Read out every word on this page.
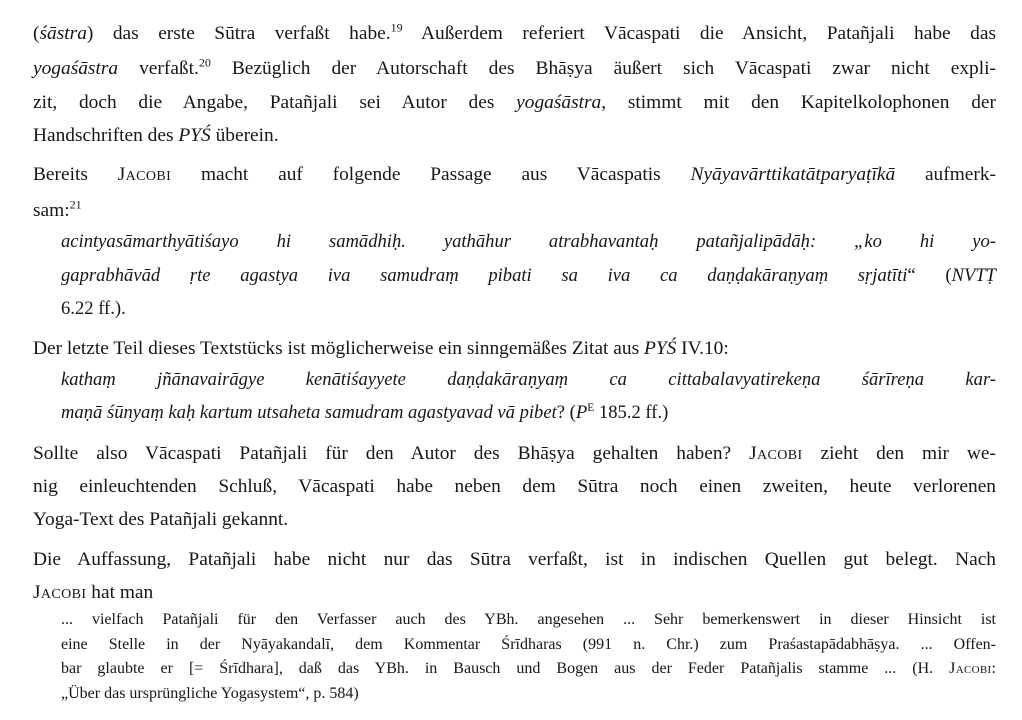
(śāstra) das erste Sūtra verfaßt habe.$^{19}$ Außerdem referiert Vācaspati die Ansicht, Patañjali habe das
yogaśāstra verfaßt.$^{20}$ Bezüglich der Autorschaft des Bhāṣya äußert sich Vācaspati zwar nicht expli-
zit, doch die Angabe, Patañjali sei Autor des yogaśāstra, stimmt mit den Kapitelkolophonen der
Handschriften des PYŚ überein.
Bereits Jacobi macht auf folgende Passage aus Vācaspatis Nyāyavārttikatātparyaṭīkā aufmerk-
sam:$^{21}$
acintyasāmarthyātiśayo hi samādhiḥ. yathāhur atrabhavantaḥ patañjalipādāḥ: „ko hi yo-
gaprabhāvād ṛte agastya iva samudraṃ pibati sa iva ca daṇḍakāraṇyaṃ sṛjatīti“ (NVTṬ
6.22 ff.).
Der letzte Teil dieses Textstücks ist möglicherweise ein sinngemäßes Zitat aus PYŚ IV.10:
kathaṃ jñānavairāgye kenātiśayyete daṇḍakāraṇyaṃ ca cittabalavyatirekeṇa śārīreṇa kar-
maṇā śūnyaṃ kaḥ kartum utsaheta samudram agastyavad vā pibet? ($P^E$ 185.2 ff.)
Sollte also Vācaspati Patañjali für den Autor des Bhāṣya gehalten haben? Jacobi zieht den mir we-
nig einleuchtenden Schluß, Vācaspati habe neben dem Sūtra noch einen zweiten, heute verlorenen
Yoga-Text des Patañjali gekannt.
Die Auffassung, Patañjali habe nicht nur das Sūtra verfaßt, ist in indischen Quellen gut belegt. Nach
Jacobi hat man
... vielfach Patañjali für den Verfasser auch des YBh. angesehen ... Sehr bemerkenswert in dieser Hinsicht ist
eine Stelle in der Nyāyakandalī, dem Kommentar Śrīdharas (991 n. Chr.) zum Praśastapādabhāṣya. ... Offen-
bar glaubte er [= Śrīdhara], daß das YBh. in Bausch und Bogen aus der Feder Patañjalis stamme ... (H. Jacobi:
„Über das ursprüngliche Yogasystem“, p. 584)
